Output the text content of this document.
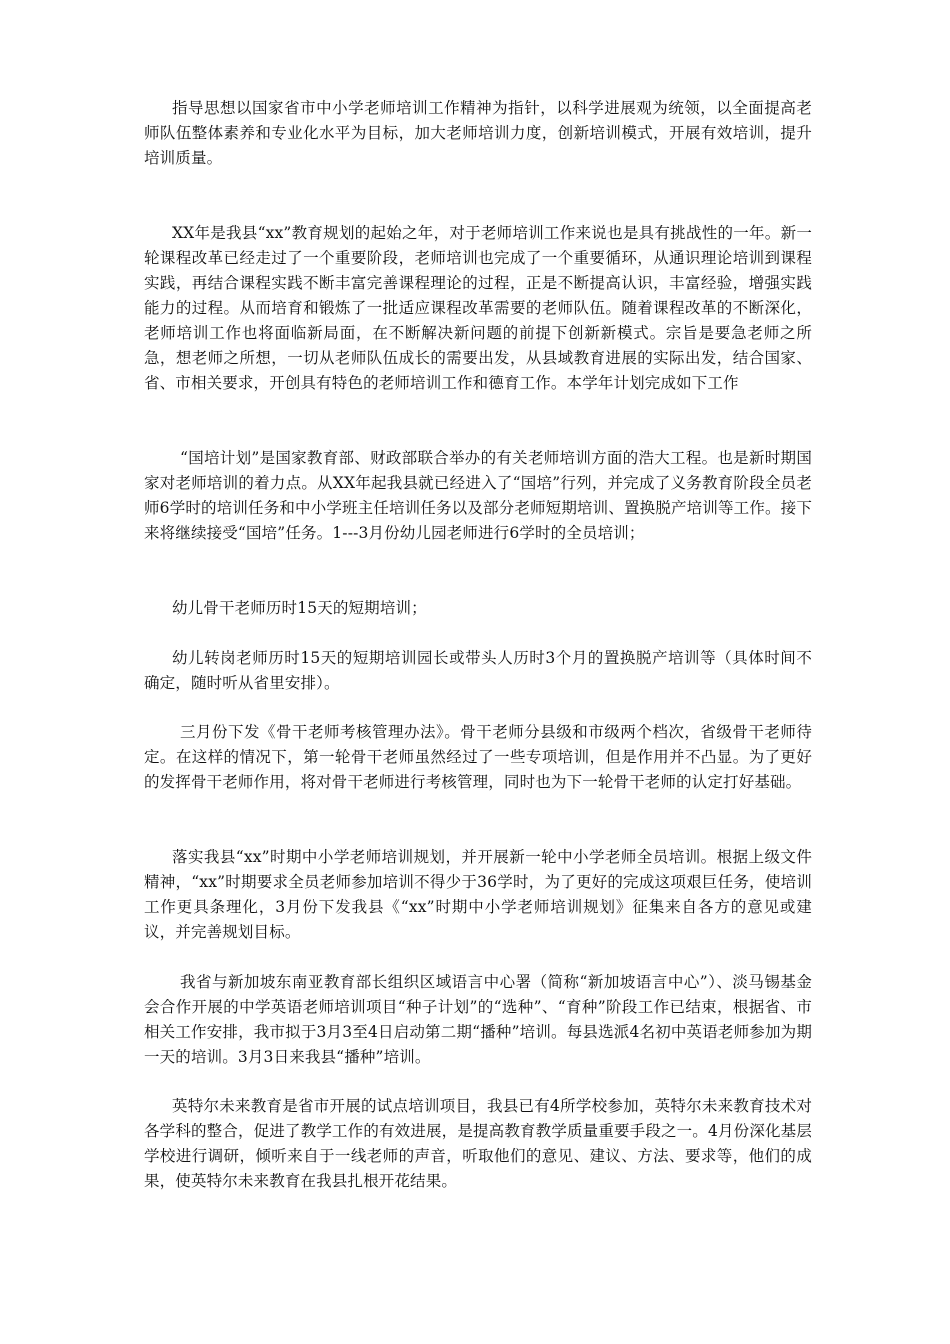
指导思想以国家省市中小学老师培训工作精神为指针，以科学进展观为统领，以全面提高老师队伍整体素养和专业化水平为目标，加大老师培训力度，创新培训模式，开展有效培训，提升培训质量。

XX年是我县“xx”教育规划的起始之年，对于老师培训工作来说也是具有挑战性的一年。新一轮课程改革已经走过了一个重要阶段，老师培训也完成了一个重要循环，从通识理论培训到课程实践，再结合课程实践不断丰富完善课程理论的过程，正是不断提高认识，丰富经验，增强实践能力的过程。从而培育和锻炼了一批适应课程改革需要的老师队伍。随着课程改革的不断深化，老师培训工作也将面临新局面，在不断解决新问题的前提下创新新模式。宗旨是要急老师之所急，想老师之所想，一切从老师队伍成长的需要出发，从县域教育进展的实际出发，结合国家、省、市相关要求，开创具有特色的老师培训工作和德育工作。本学年计划完成如下工作

“国培计划”是国家教育部、财政部联合举办的有关老师培训方面的浩大工程。也是新时期国家对老师培训的着力点。从XX年起我县就已经进入了“国培”行列，并完成了义务教育阶段全员老师6学时的培训任务和中小学班主任培训任务以及部分老师短期培训、置换脱产培训等工作。接下来将继续接受“国培”任务。1---3月份幼儿园老师进行6学时的全员培训；

幼儿骨干老师历时15天的短期培训；

幼儿转岗老师历时15天的短期培训园长或带头人历时3个月的置换脱产培训等（具体时间不确定，随时听从省里安排）。

三月份下发《骨干老师考核管理办法》。骨干老师分县级和市级两个档次，省级骨干老师待定。在这样的情况下，第一轮骨干老师虽然经过了一些专项培训，但是作用并不凸显。为了更好的发挥骨干老师作用，将对骨干老师进行考核管理，同时也为下一轮骨干老师的认定打好基础。

落实我县“xx”时期中小学老师培训规划，并开展新一轮中小学老师全员培训。根据上级文件精神，“xx”时期要求全员老师参加培训不得少于36学时，为了更好的完成这项艰巨任务，使培训工作更具条理化，3月份下发我县《“xx”时期中小学老师培训规划》征集来自各方的意见或建议，并完善规划目标。

我省与新加坡东南亚教育部长组织区域语言中心署（简称“新加坡语言中心”）、淡马锡基金会合作开展的中学英语老师培训项目“种子计划”的“选种”、“育种”阶段工作已结束，根据省、市相关工作安排，我市拟于3月3至4日启动第二期“播种”培训。每县选派4名初中英语老师参加为期一天的培训。3月3日来我县“播种”培训。

英特尔未来教育是省市开展的试点培训项目，我县已有4所学校参加，英特尔未来教育技术对各学科的整合，促进了教学工作的有效进展，是提高教育教学质量重要手段之一。4月份深化基层学校进行调研，倾听来自于一线老师的声音，听取他们的意见、建议、方法、要求等，他们的成果，使英特尔未来教育在我县扎根开花结果。
